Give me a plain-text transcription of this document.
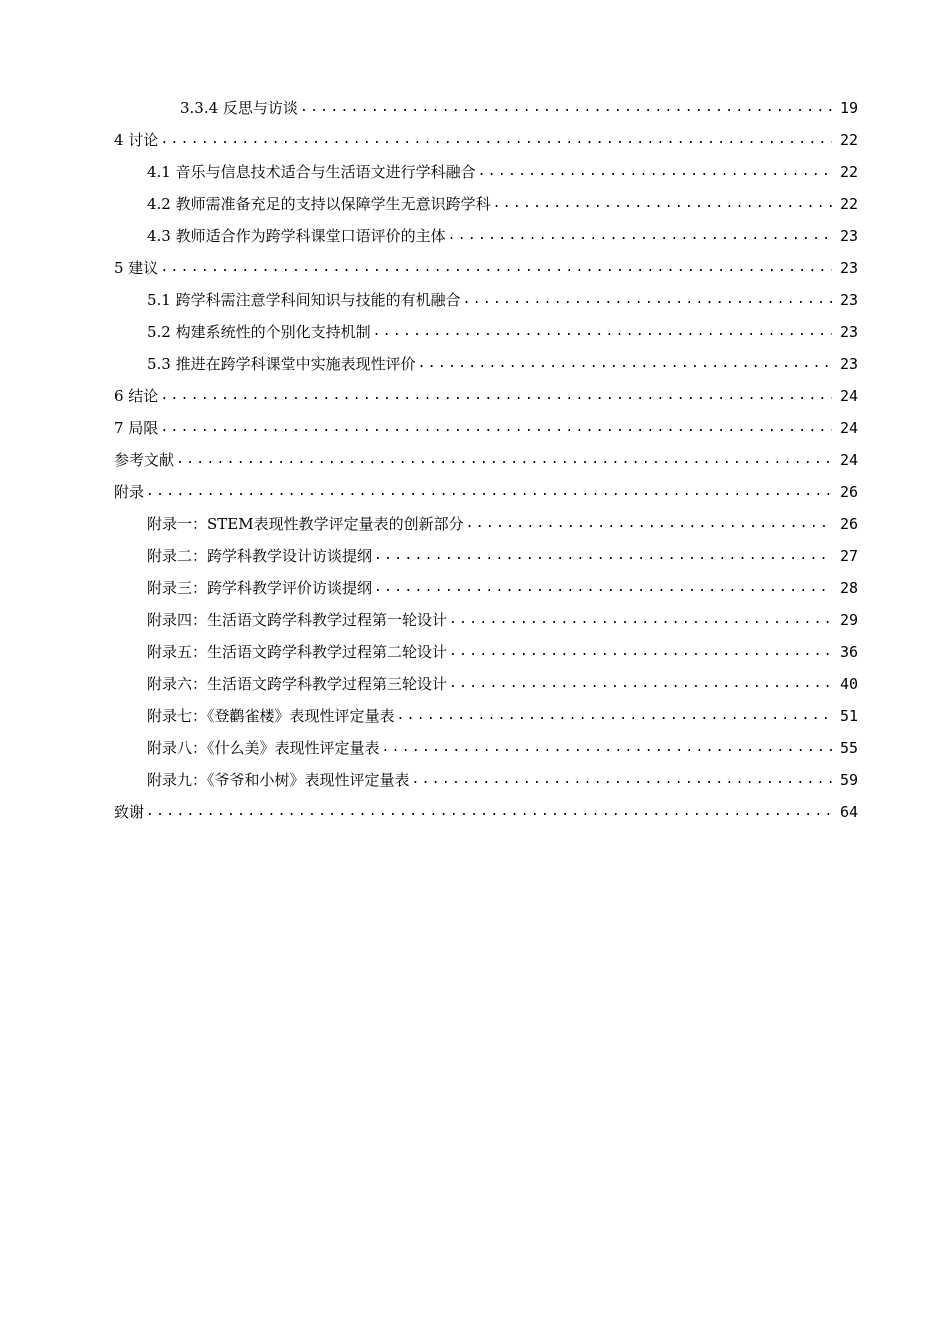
3.3.4 反思与访谈 .....	19
4 讨论 .....	22
4.1 音乐与信息技术适合与生活语文进行学科融合 .....	22
4.2 教师需准备充足的支持以保障学生无意识跨学科 .....	22
4.3 教师适合作为跨学科课堂口语评价的主体 .....	23
5 建议 .....	23
5.1 跨学科需注意学科间知识与技能的有机融合 .....	23
5.2 构建系统性的个别化支持机制 .....	23
5.3 推进在跨学科课堂中实施表现性评价 .....	23
6 结论 .....	24
7 局限 .....	24
参考文献 .....	24
附录 .....	26
附录一：STEM表现性教学评定量表的创新部分 .....	26
附录二：跨学科教学设计访谈提纲 .....	27
附录三：跨学科教学评价访谈提纲 .....	28
附录四：生活语文跨学科教学过程第一轮设计 .....	29
附录五：生活语文跨学科教学过程第二轮设计 .....	36
附录六：生活语文跨学科教学过程第三轮设计 .....	40
附录七：《登鹳雀楼》表现性评定量表 .....	51
附录八：《什么美》表现性评定量表 .....	55
附录九：《爷爷和小树》表现性评定量表 .....	59
致谢 .....	64
